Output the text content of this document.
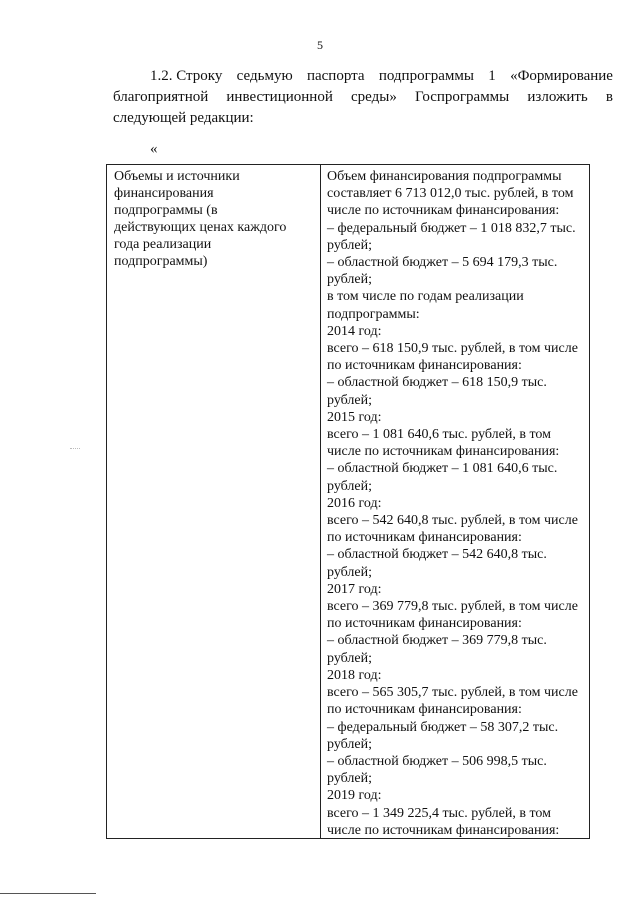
5
1.2. Строку седьмую паспорта подпрограммы 1 «Формирование
благоприятной инвестиционной среды» Госпрограммы изложить в
следующей редакции:
«
Объемы и источники
финансирования
подпрограммы (в
действующих ценах каждого
года реализации
подпрограммы)
Объем финансирования подпрограммы
составляет 6 713 012,0 тыс. рублей, в том
числе по источникам финансирования:
– федеральный бюджет – 1 018 832,7 тыс.
рублей;
– областной бюджет – 5 694 179,3 тыс.
рублей;
в том числе по годам реализации
подпрограммы:
2014 год:
всего – 618 150,9 тыс. рублей, в том числе
по источникам финансирования:
– областной бюджет – 618 150,9 тыс.
рублей;
2015 год:
всего – 1 081 640,6 тыс. рублей, в том
числе по источникам финансирования:
– областной бюджет – 1 081 640,6 тыс.
рублей;
2016 год:
всего – 542 640,8 тыс. рублей, в том числе
по источникам финансирования:
– областной бюджет – 542 640,8 тыс.
рублей;
2017 год:
всего – 369 779,8 тыс. рублей, в том числе
по источникам финансирования:
– областной бюджет – 369 779,8 тыс.
рублей;
2018 год:
всего – 565 305,7 тыс. рублей, в том числе
по источникам финансирования:
– федеральный бюджет – 58 307,2 тыс.
рублей;
– областной бюджет – 506 998,5 тыс.
рублей;
2019 год:
всего – 1 349 225,4 тыс. рублей, в том
числе по источникам финансирования:
